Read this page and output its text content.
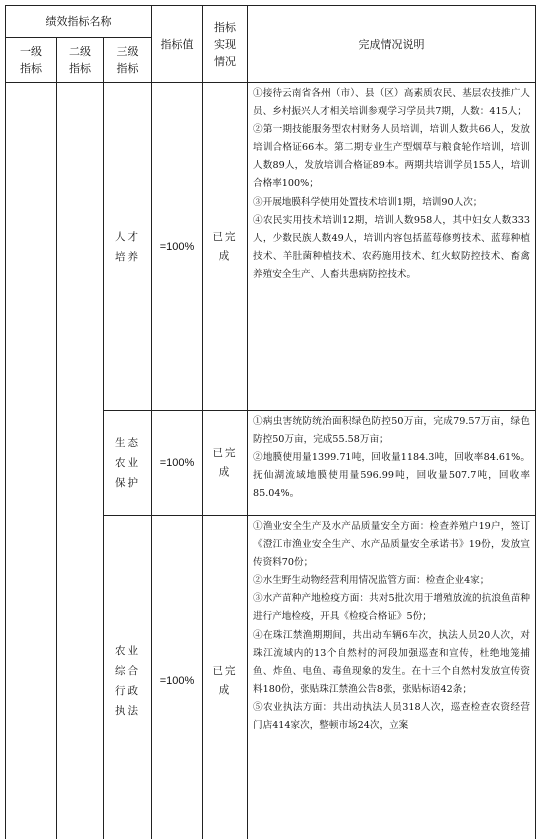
绩效指标名称			指标值	指标实现情况	完成情况说明
一级指标	二级指标	三级指标			
		人才培养	=100%	已完成	①接待云南省各州（市）、县（区）高素质农民、基层农技推广人员、乡村振兴人才相关培训参观学习学员共7期，人数：415人；

②第一期技能服务型农村财务人员培训，培训人数共66人，发放培训合格证66本。第二期专业生产型烟草与粮食轮作培训，培训人数89人，发放培训合格证89本。两期共培训学员155人，培训合格率100%；

③开展地膜科学使用处置技术培训1期，培训90人次；

④农民实用技术培训12期，培训人数958人，其中妇女人数333人，少数民族人数49人，培训内容包括蓝莓修剪技术、蓝莓种植技术、羊肚菌种植技术、农药施用技术、红火蚁防控技术、畜禽养殖安全生产、人畜共患病防控技术。

		生态农业保护	=100%	已完成	①病虫害统防统治面积绿色防控50万亩，完成79.57万亩，绿色防控50万亩，完成55.58万亩；

②地膜使用量1399.71吨，回收量1184.3吨，回收率84.61%。抚仙湖流域地膜使用量596.99吨，回收量507.7吨，回收率85.04%。

		农业综合行政执法	=100%	已完成	①渔业安全生产及水产品质量安全方面：检查养殖户19户，签订《澄江市渔业安全生产、水产品质量安全承诺书》19份，发放宣传资料70份；

②水生野生动物经营利用情况监管方面：检查企业4家；

③水产苗种产地检疫方面：共对5批次用于增殖放流的抗浪鱼苗种进行产地检疫，开具《检疫合格证》5份；

④在珠江禁渔期期间，共出动车辆6车次，执法人员20人次，对珠江流域内的13个自然村的河段加强巡查和宣传，杜绝地笼捕鱼、炸鱼、电鱼、毒鱼现象的发生。在十三个自然村发放宣传资料180份，张贴珠江禁渔公告8张，张贴标语42条；

⑤农业执法方面：共出动执法人员318人次，巡查检查农资经营门店414家次，整顿市场24次，立案
